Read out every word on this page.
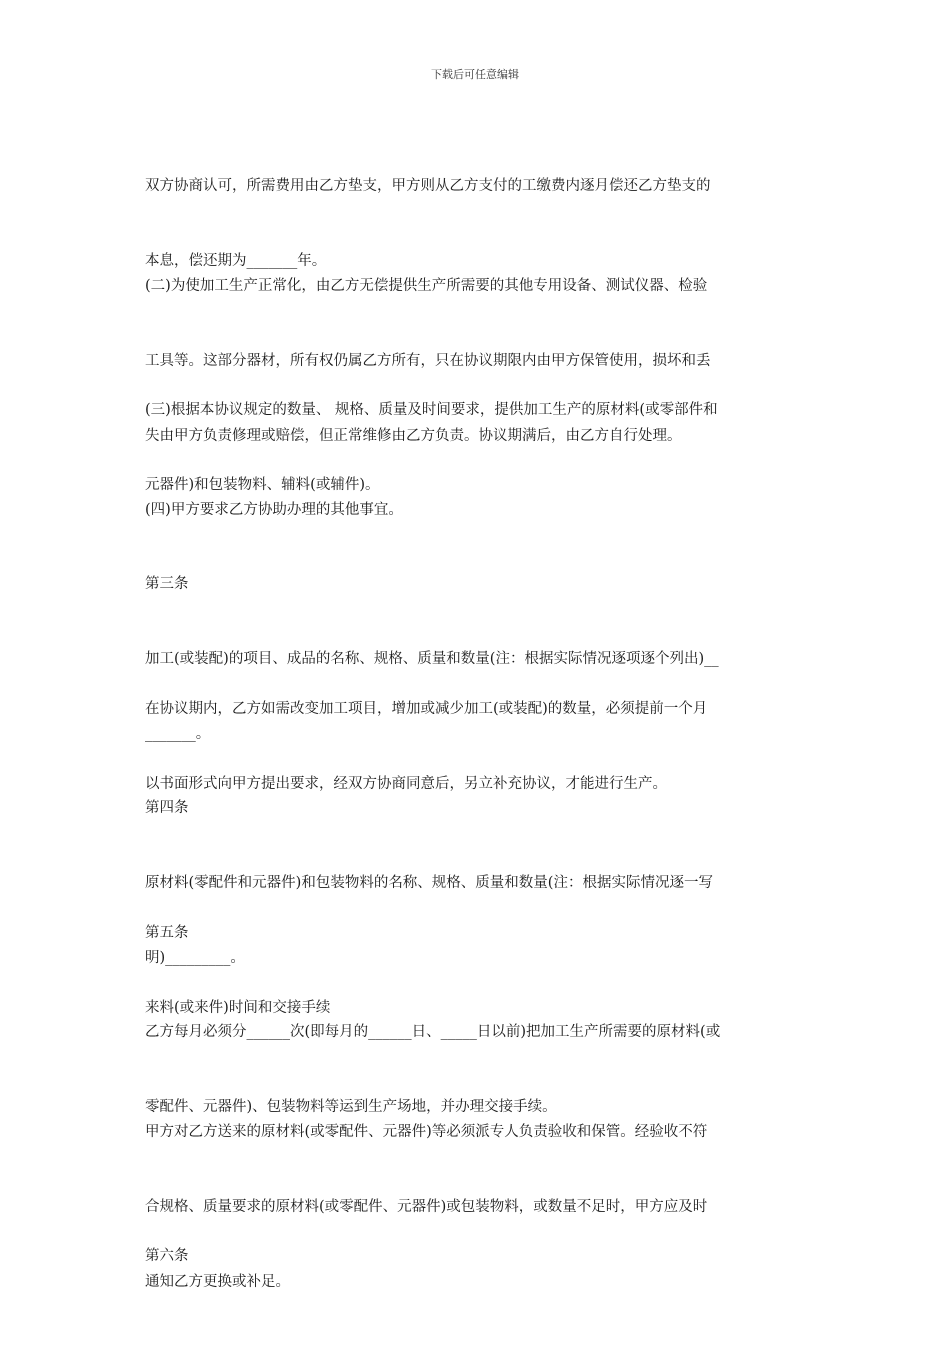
下载后可任意编辑

双方协商认可，所需费用由乙方垫支，甲方则从乙方支付的工缴费内逐月偿还乙方垫支的

本息，偿还期为_______年。

(二)为使加工生产正常化，由乙方无偿提供生产所需要的其他专用设备、测试仪器、检验

工具等。这部分器材，所有权仍属乙方所有，只在协议期限内由甲方保管使用，损坏和丢

失由甲方负责修理或赔偿，但正常维修由乙方负责。协议期满后，由乙方自行处理。

(三)根据本协议规定的数量、 规格、质量及时间要求，提供加工生产的原材料(或零部件和

元器件)和包装物料、辅料(或辅件)。

(四)甲方要求乙方协助办理的其他事宜。

第三条

加工(或装配)的项目、成品的名称、规格、质量和数量(注：根据实际情况逐项逐个列出)__

_______。

在协议期内，乙方如需改变加工项目，增加或减少加工(或装配)的数量，必须提前一个月

以书面形式向甲方提出要求，经双方协商同意后，另立补充协议，才能进行生产。

第四条

原材料(零配件和元器件)和包装物料的名称、规格、质量和数量(注：根据实际情况逐一写

明)_________。

第五条

来料(或来件)时间和交接手续

乙方每月必须分______次(即每月的______日、_____日以前)把加工生产所需要的原材料(或

零配件、元器件)、包装物料等运到生产场地，并办理交接手续。

甲方对乙方送来的原材料(或零配件、元器件)等必须派专人负责验收和保管。经验收不符

合规格、质量要求的原材料(或零配件、元器件)或包装物料，或数量不足时，甲方应及时

通知乙方更换或补足。

第六条
